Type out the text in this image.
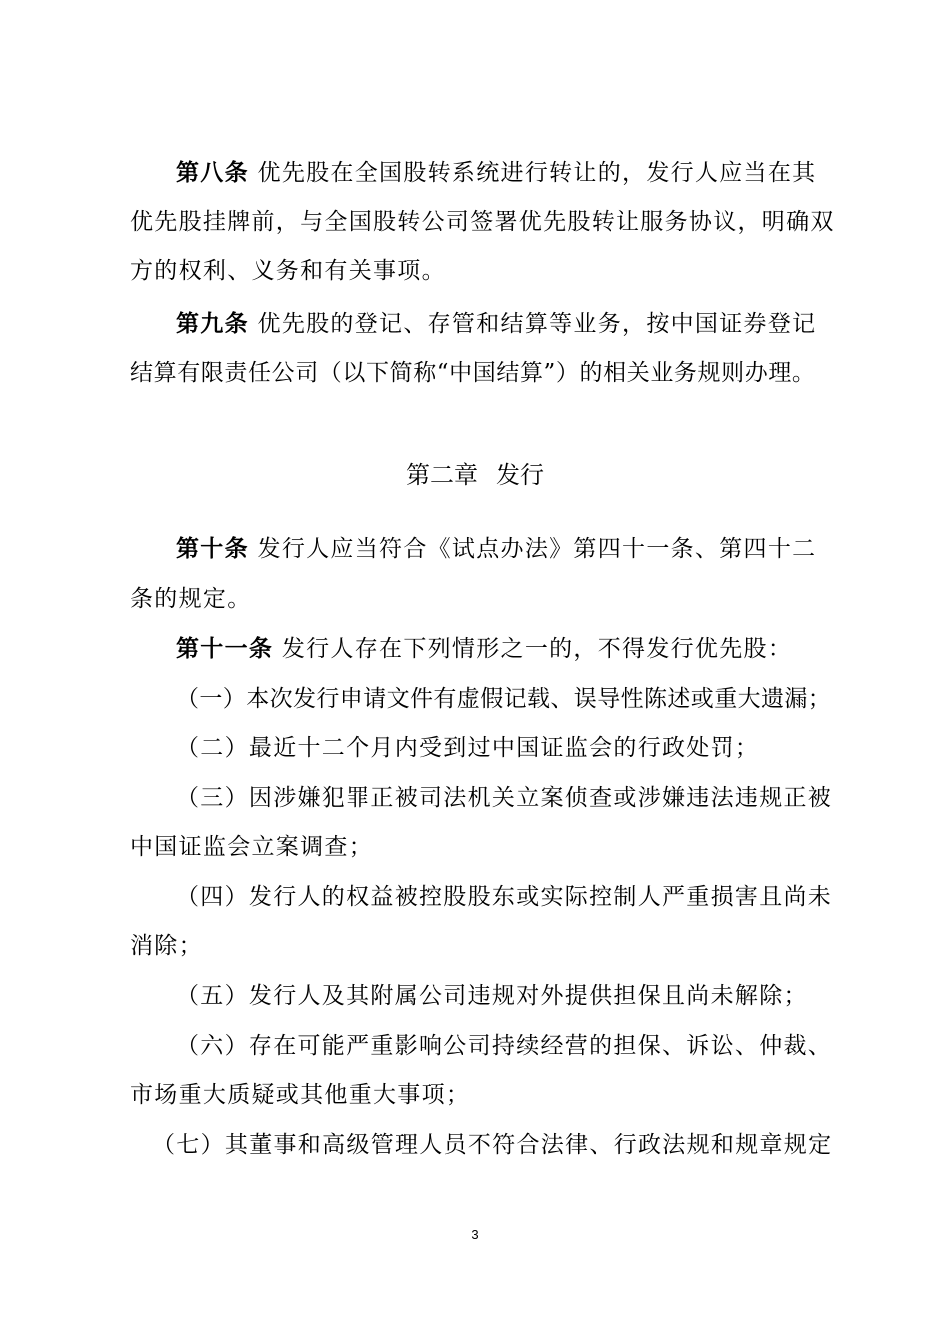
第八条 优先股在全国股转系统进行转让的，发行人应当在其

优先股挂牌前，与全国股转公司签署优先股转让服务协议，明确双

方的权利、义务和有关事项。

第九条 优先股的登记、存管和结算等业务，按中国证券登记

结算有限责任公司（以下简称“中国结算”）的相关业务规则办理。

第二章 发行

第十条 发行人应当符合《试点办法》第四十一条、第四十二

条的规定。

第十一条 发行人存在下列情形之一的，不得发行优先股：

（一）本次发行申请文件有虚假记载、误导性陈述或重大遗漏；

（二）最近十二个月内受到过中国证监会的行政处罚；

（三）因涉嫌犯罪正被司法机关立案侦查或涉嫌违法违规正被

中国证监会立案调查；

（四）发行人的权益被控股股东或实际控制人严重损害且尚未

消除；

（五）发行人及其附属公司违规对外提供担保且尚未解除；

（六）存在可能严重影响公司持续经营的担保、诉讼、仲裁、

市场重大质疑或其他重大事项；

（七）其董事和高级管理人员不符合法律、行政法规和规章规定

3
